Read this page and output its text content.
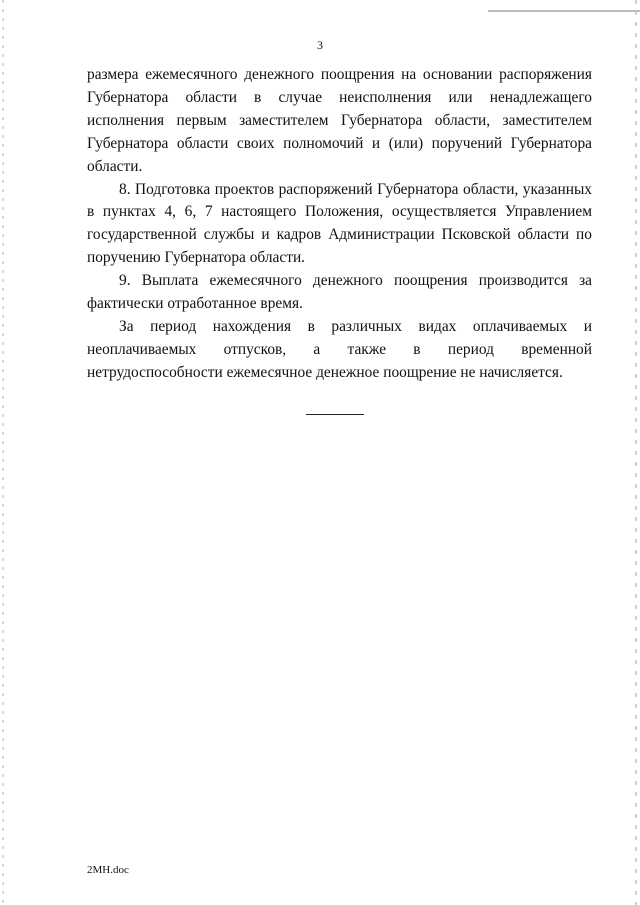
3

размера ежемесячного денежного поощрения на основании распоряжения Губернатора области в случае неисполнения или ненадлежащего исполнения первым заместителем Губернатора области, заместителем Губернатора области своих полномочий и (или) поручений Губернатора области.

8. Подготовка проектов распоряжений Губернатора области, указанных в пунктах 4, 6, 7 настоящего Положения, осуществляется Управлением государственной службы и кадров Администрации Псковской области по поручению Губернатора области.

9. Выплата ежемесячного денежного поощрения производится за фактически отработанное время.

За период нахождения в различных видах оплачиваемых и неоплачиваемых отпусков, а также в период временной

нетрудоспособности ежемесячное денежное поощрение не начисляется.

2MH.doc
